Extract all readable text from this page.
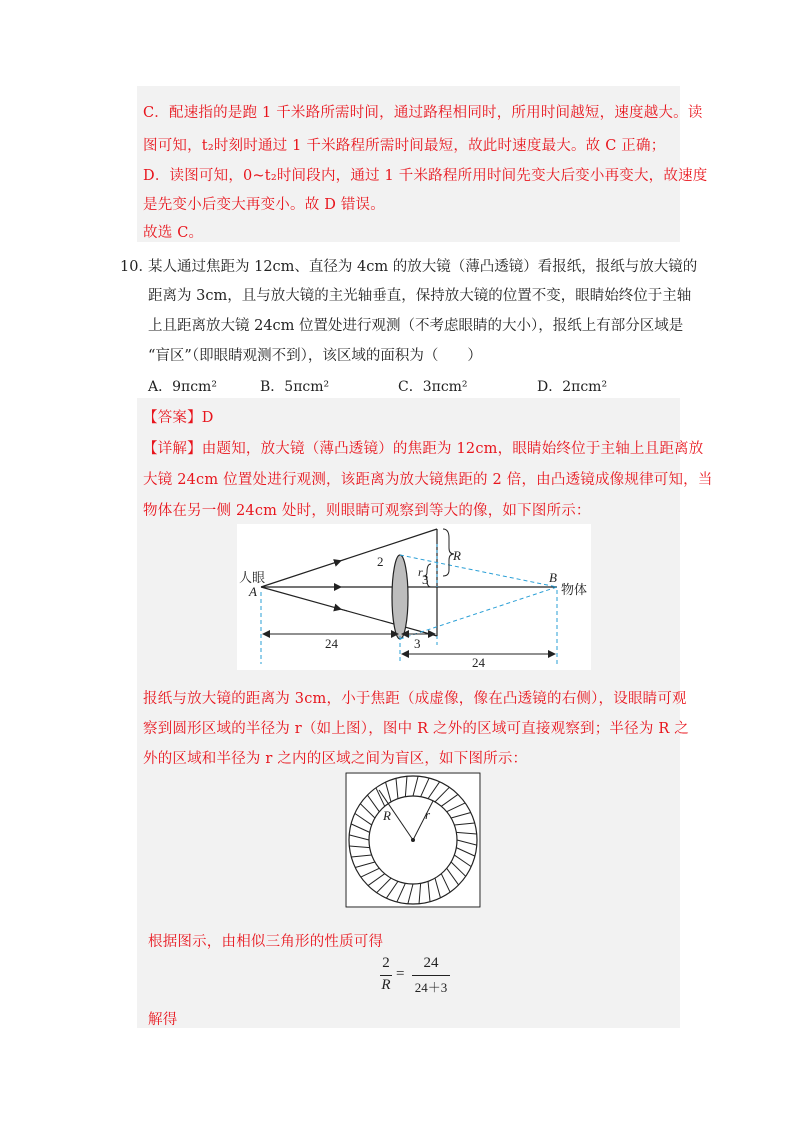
C．配速指的是跑 1 千米路所需时间，通过路程相同时，所用时间越短，速度越大。读
图可知，t₂时刻时通过 1 千米路程所需时间最短，故此时速度最大。故 C 正确；
D．读图可知，0~t₂时间段内，通过 1 千米路程所用时间先变大后变小再变大，故速度
是先变小后变大再变小。故 D 错误。
故选 C。
10．
某人通过焦距为 12cm、直径为 4cm 的放大镜（薄凸透镜）看报纸，报纸与放大镜的
距离为 3cm，且与放大镜的主光轴垂直，保持放大镜的位置不变，眼睛始终位于主轴
上且距离放大镜 24cm 位置处进行观测（不考虑眼睛的大小），报纸上有部分区域是
“盲区”（即眼睛观测不到），该区域的面积为（　　）
A．9πcm²	B．5πcm²	C．3πcm²	D．2πcm²
【答案】D
【详解】由题知，放大镜（薄凸透镜）的焦距为 12cm，眼睛始终位于主轴上且距离放
大镜 24cm 位置处进行观测，该距离为放大镜焦距的 2 倍，由凸透镜成像规律可知，当
物体在另一侧 24cm 处时，则眼睛可观察到等大的像，如下图所示：
人眼
A
B
物体
2
3
r
R
24	3
24
报纸与放大镜的距离为 3cm，小于焦距（成虚像，像在凸透镜的右侧），设眼睛可观
察到圆形区域的半径为 r（如上图），图中 R 之外的区域可直接观察到；半径为 R 之
外的区域和半径为 r 之内的区域之间为盲区，如下图所示：
R	r
根据图示，由相似三角形的性质可得
2
R
=
24
24＋3
解得
